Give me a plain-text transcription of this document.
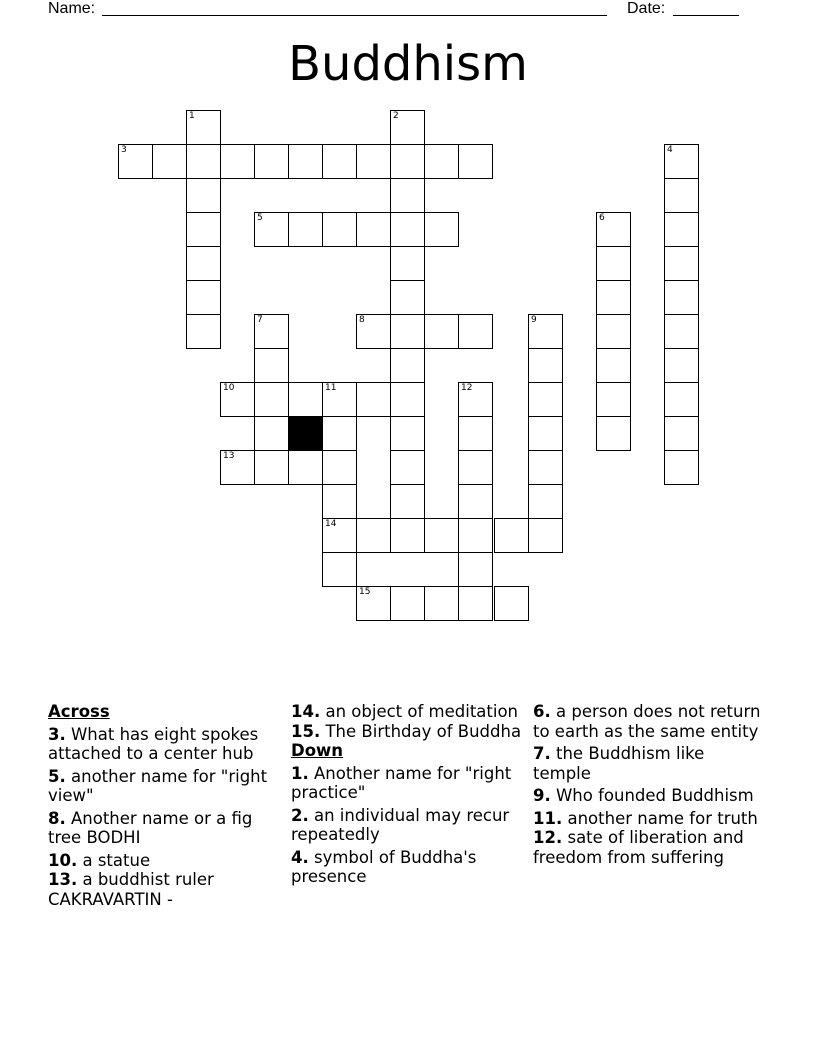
Name:	Date:
Buddhism
1	2
3	4
5	6
7	8	9
10	11	12
13
14
15
Across
3. What has eight spokes attached to a center hub
5. another name for "right view"
8. Another name or a fig tree BODHI
10. a statue
13. a buddhist ruler CAKRAVARTIN -
14. an object of meditation
15. The Birthday of Buddha
Down
1. Another name for "right practice"
2. an individual may recur repeatedly
4. symbol of Buddha's presence
6. a person does not return to earth as the same entity
7. the Buddhism like temple
9. Who founded Buddhism
11. another name for truth
12. sate of liberation and freedom from suffering
